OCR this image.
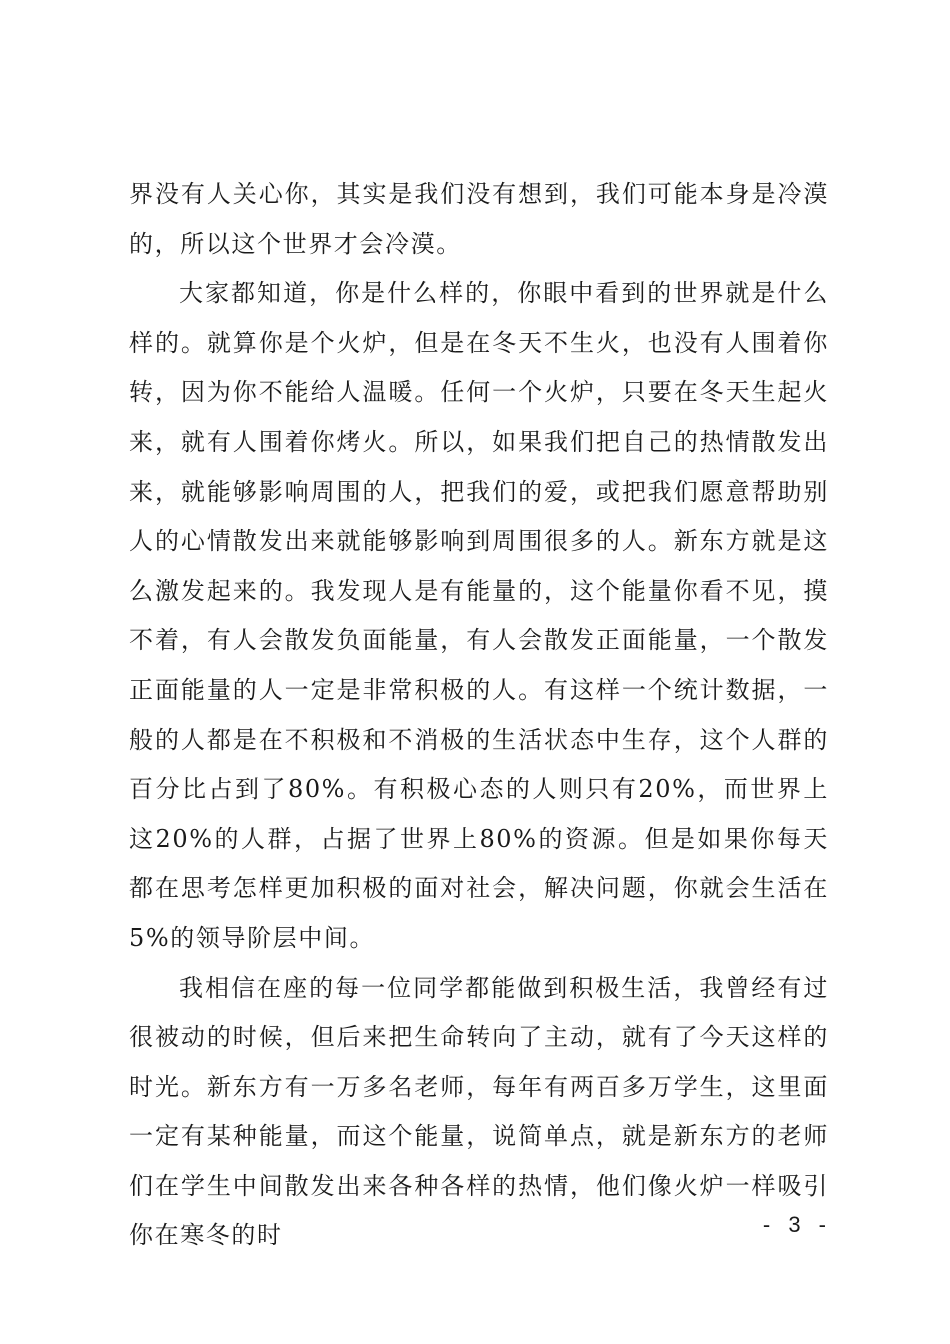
界没有人关心你，其实是我们没有想到，我们可能本身是冷漠的，所以这个世界才会冷漠。

大家都知道，你是什么样的，你眼中看到的世界就是什么样的。就算你是个火炉，但是在冬天不生火，也没有人围着你转，因为你不能给人温暖。任何一个火炉，只要在冬天生起火来，就有人围着你烤火。所以，如果我们把自己的热情散发出来，就能够影响周围的人，把我们的爱，或把我们愿意帮助别人的心情散发出来就能够影响到周围很多的人。新东方就是这么激发起来的。我发现人是有能量的，这个能量你看不见，摸不着，有人会散发负面能量，有人会散发正面能量，一个散发正面能量的人一定是非常积极的人。有这样一个统计数据，一般的人都是在不积极和不消极的生活状态中生存，这个人群的百分比占到了80%。有积极心态的人则只有20%，而世界上这20%的人群，占据了世界上80%的资源。但是如果你每天都在思考怎样更加积极的面对社会，解决问题，你就会生活在5%的领导阶层中间。

我相信在座的每一位同学都能做到积极生活，我曾经有过很被动的时候，但后来把生命转向了主动，就有了今天这样的时光。新东方有一万多名老师，每年有两百多万学生，这里面一定有某种能量，而这个能量，说简单点，就是新东方的老师们在学生中间散发出来各种各样的热情，他们像火炉一样吸引你在寒冬的时	- 3 -
